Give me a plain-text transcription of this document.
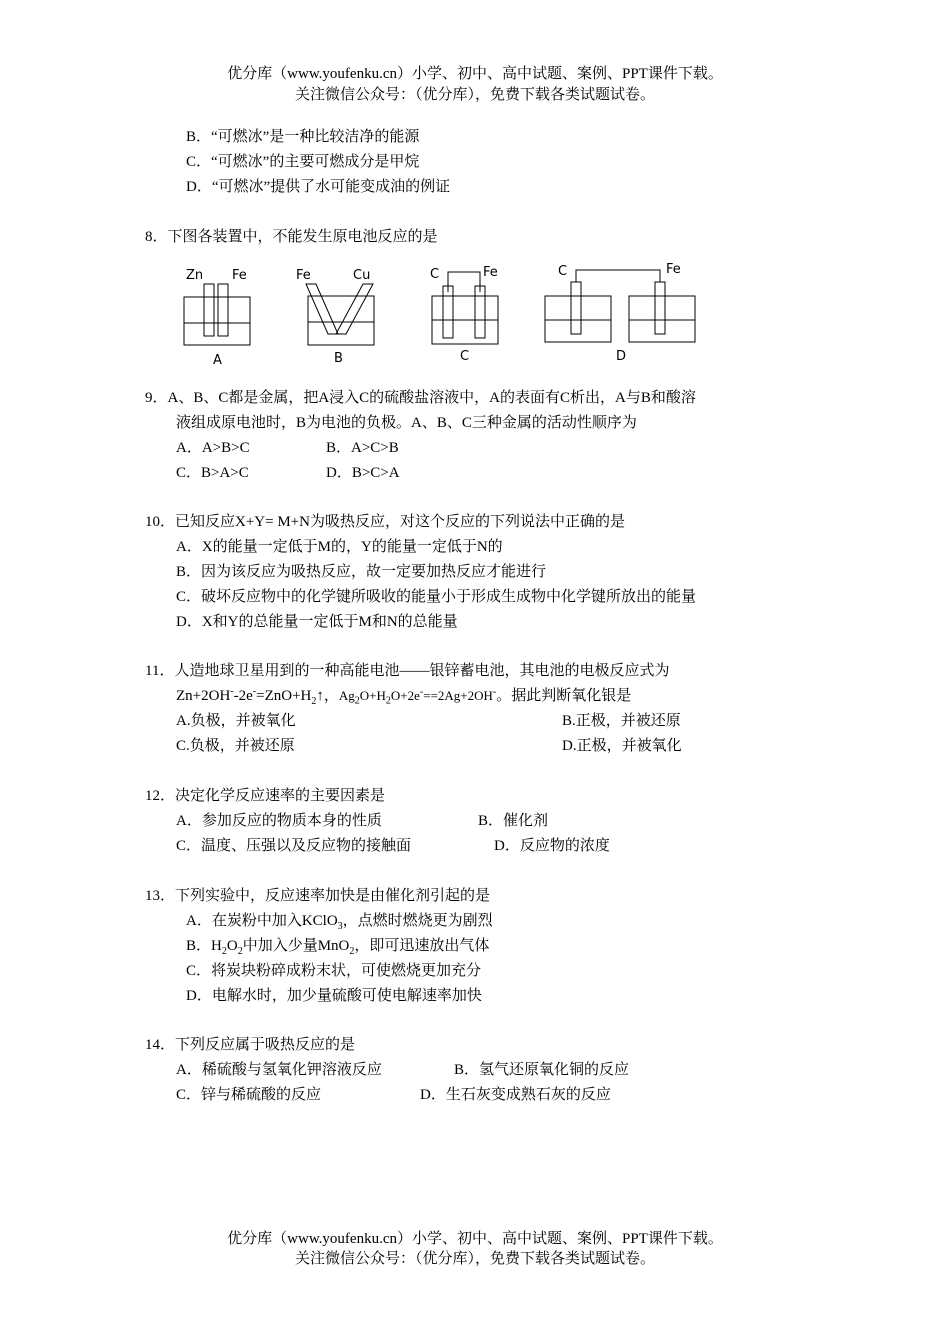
优分库（www.youfenku.cn）小学、初中、高中试题、案例、PPT课件下载。
关注微信公众号：（优分库），免费下载各类试题试卷。
B．“可燃冰”是一种比较洁净的能源
C．“可燃冰”的主要可燃成分是甲烷
D．“可燃冰”提供了水可能变成油的例证
8．下图各装置中，不能发生原电池反应的是
Zn Fe
A
Fe	Cu
B
C	Fe
C
C	Fe
D
9．A、B、C都是金属，把A浸入C的硫酸盐溶液中，A的表面有C析出，A与B和酸溶
液组成原电池时，B为电池的负极。A、B、C三种金属的活动性顺序为
A．A>B>C	B．A>C>B
C．B>A>C	D．B>C>A
10．已知反应X+Y= M+N为吸热反应，对这个反应的下列说法中正确的是
A．X的能量一定低于M的，Y的能量一定低于N的
B．因为该反应为吸热反应，故一定要加热反应才能进行
C．破坏反应物中的化学键所吸收的能量小于形成生成物中化学键所放出的能量
D．X和Y的总能量一定低于M和N的总能量
11．人造地球卫星用到的一种高能电池——银锌蓄电池，其电池的电极反应式为
$Zn+2OH^--2e^-=ZnO+H_2↑$，$Ag_2O+H_2O+2e^-==2Ag+2OH^-$。据此判断氧化银是
A.负极，并被氧化	B.正极，并被还原
C.负极，并被还原	D.正极，并被氧化
12．决定化学反应速率的主要因素是
A．参加反应的物质本身的性质	B．催化剂
C．温度、压强以及反应物的接触面	D．反应物的浓度
13．下列实验中，反应速率加快是由催化剂引起的是
A．在炭粉中加入KClO$_3$，点燃时燃烧更为剧烈
B．$H_2O_2$中加入少量MnO$_2$，即可迅速放出气体
C．将炭块粉碎成粉末状，可使燃烧更加充分
D．电解水时，加少量硫酸可使电解速率加快
14．下列反应属于吸热反应的是
A．稀硫酸与氢氧化钾溶液反应	B．氢气还原氧化铜的反应
C．锌与稀硫酸的反应	D．生石灰变成熟石灰的反应
优分库（www.youfenku.cn）小学、初中、高中试题、案例、PPT课件下载。
关注微信公众号：（优分库），免费下载各类试题试卷。
